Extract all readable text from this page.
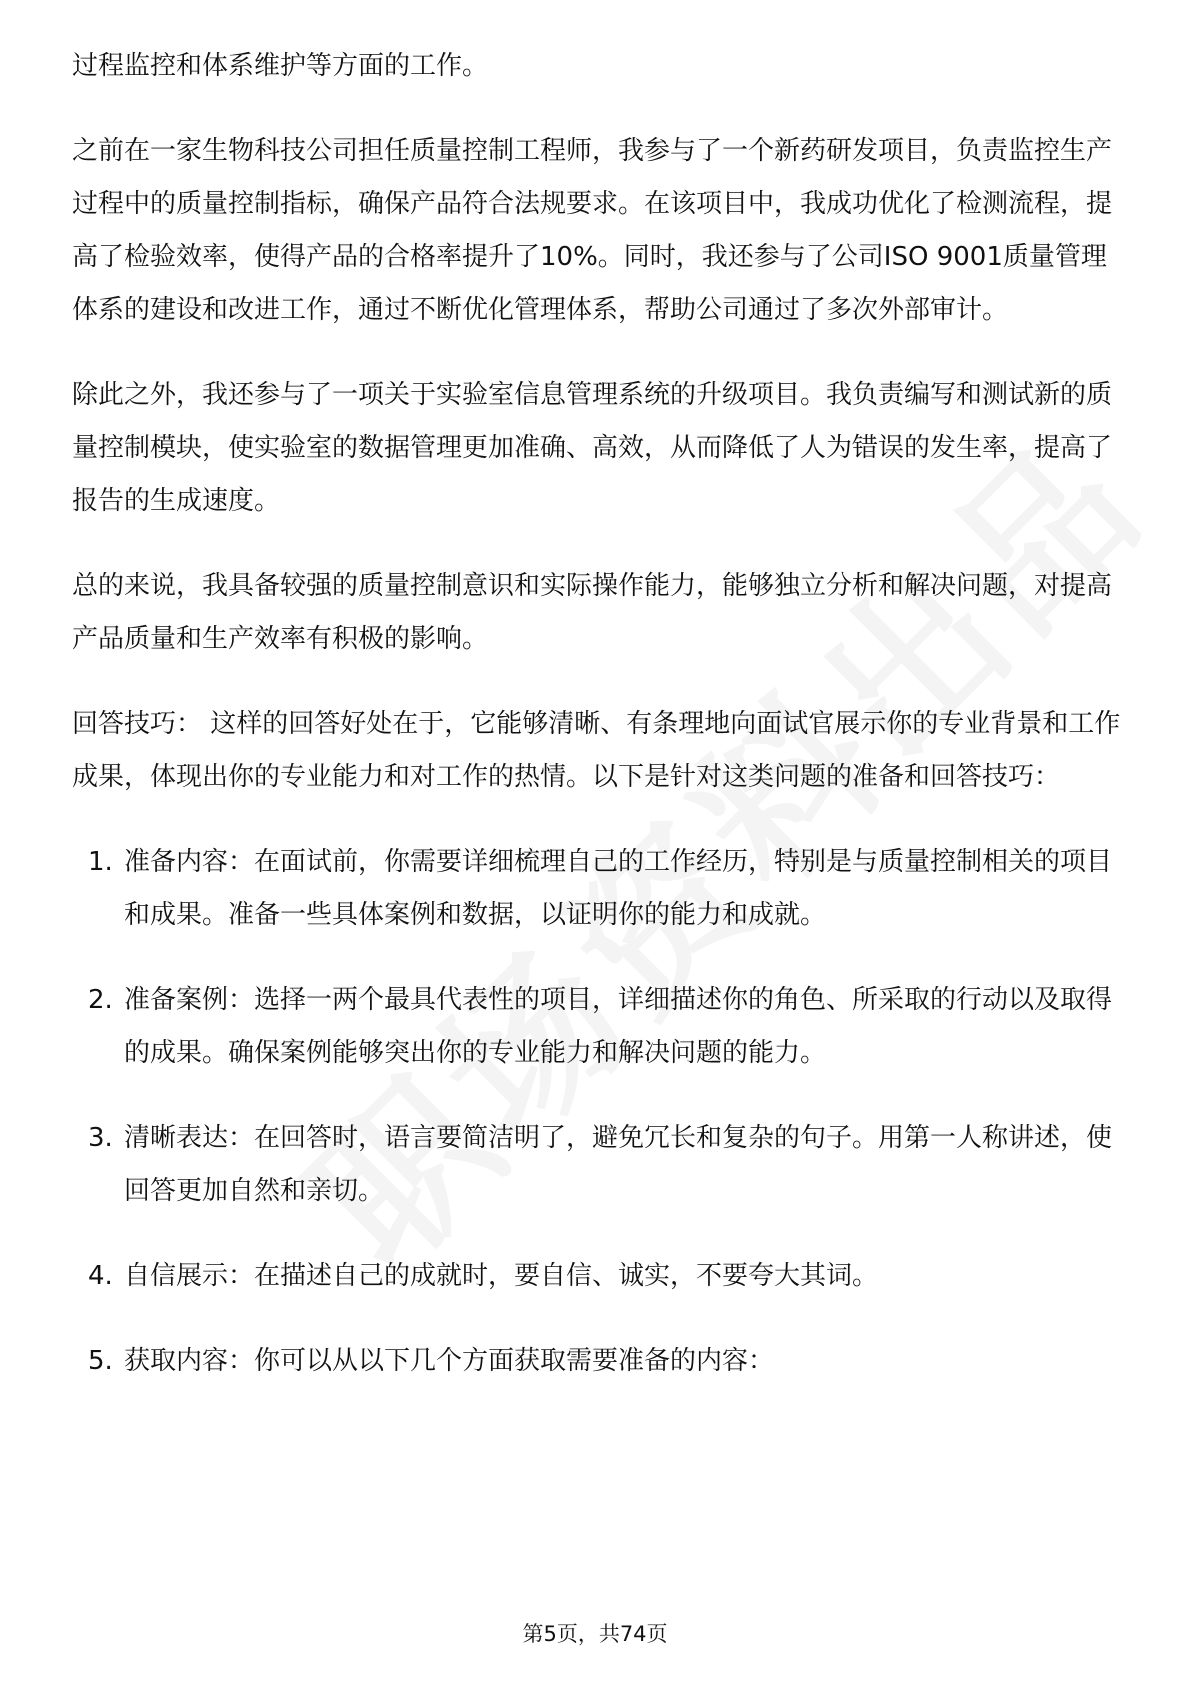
过程监控和体系维护等方面的工作。

之前在一家生物科技公司担任质量控制工程师，我参与了一个新药研发项目，负责监控生产过程中的质量控制指标，确保产品符合法规要求。在该项目中，我成功优化了检测流程，提高了检验效率，使得产品的合格率提升了10%。同时，我还参与了公司ISO 9001质量管理体系的建设和改进工作，通过不断优化管理体系，帮助公司通过了多次外部审计。

除此之外，我还参与了一项关于实验室信息管理系统的升级项目。我负责编写和测试新的质量控制模块，使实验室的数据管理更加准确、高效，从而降低了人为错误的发生率，提高了报告的生成速度。

总的来说，我具备较强的质量控制意识和实际操作能力，能够独立分析和解决问题，对提高产品质量和生产效率有积极的影响。

回答技巧： 这样的回答好处在于，它能够清晰、有条理地向面试官展示你的专业背景和工作成果，体现出你的专业能力和对工作的热情。以下是针对这类问题的准备和回答技巧：

1. 准备内容：在面试前，你需要详细梳理自己的工作经历，特别是与质量控制相关的项目和成果。准备一些具体案例和数据，以证明你的能力和成就。
2. 准备案例：选择一两个最具代表性的项目，详细描述你的角色、所采取的行动以及取得的成果。确保案例能够突出你的专业能力和解决问题的能力。
3. 清晰表达：在回答时，语言要简洁明了，避免冗长和复杂的句子。用第一人称讲述，使回答更加自然和亲切。
4. 自信展示：在描述自己的成就时，要自信、诚实，不要夸大其词。
5. 获取内容：你可以从以下几个方面获取需要准备的内容：
第5页，共74页
